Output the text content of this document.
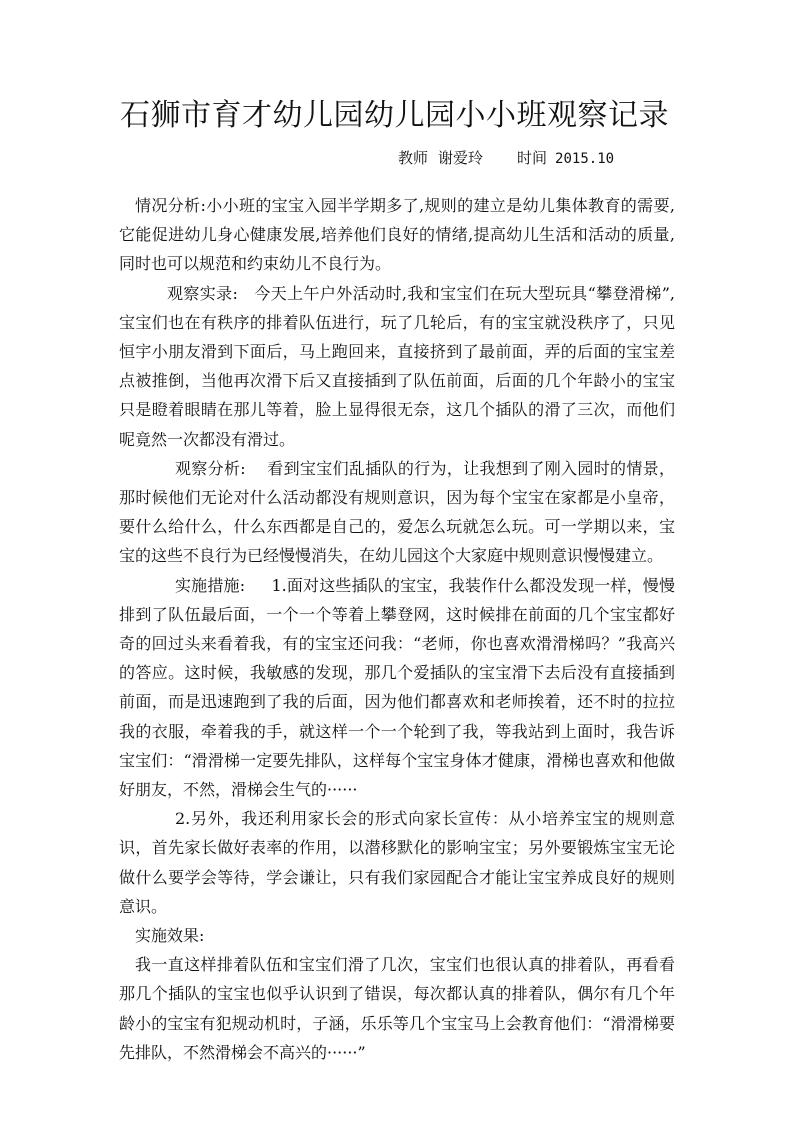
石狮市育才幼儿园幼儿园小小班观察记录
教师 谢爱玲 时间 2015.10

情况分析:小小班的宝宝入园半学期多了,规则的建立是幼儿集体教育的需要,它能促进幼儿身心健康发展,培养他们良好的情绪,提高幼儿生活和活动的质量,同时也可以规范和约束幼儿不良行为。

观察实录: 今天上午户外活动时,我和宝宝们在玩大型玩具“攀登滑梯”,宝宝们也在有秩序的排着队伍进行，玩了几轮后，有的宝宝就没秩序了，只见恒宇小朋友滑到下面后，马上跑回来，直接挤到了最前面，弄的后面的宝宝差点被推倒，当他再次滑下后又直接插到了队伍前面，后面的几个年龄小的宝宝只是瞪着眼睛在那儿等着，脸上显得很无奈，这几个插队的滑了三次，而他们呢竟然一次都没有滑过。

观察分析: 看到宝宝们乱插队的行为，让我想到了刚入园时的情景，那时候他们无论对什么活动都没有规则意识，因为每个宝宝在家都是小皇帝，要什么给什么，什么东西都是自己的，爱怎么玩就怎么玩。可一学期以来，宝宝的这些不良行为已经慢慢消失，在幼儿园这个大家庭中规则意识慢慢建立。

实施措施: 1.面对这些插队的宝宝，我装作什么都没发现一样，慢慢排到了队伍最后面，一个一个等着上攀登网，这时候排在前面的几个宝宝都好奇的回过头来看着我，有的宝宝还问我：“老师，你也喜欢滑滑梯吗？”我高兴的答应。这时候，我敏感的发现，那几个爱插队的宝宝滑下去后没有直接插到前面，而是迅速跑到了我的后面，因为他们都喜欢和老师挨着，还不时的拉拉我的衣服，牵着我的手，就这样一个一个轮到了我，等我站到上面时，我告诉宝宝们：“滑滑梯一定要先排队，这样每个宝宝身体才健康，滑梯也喜欢和他做好朋友，不然，滑梯会生气的······

2.另外，我还利用家长会的形式向家长宣传：从小培养宝宝的规则意识，首先家长做好表率的作用，以潜移默化的影响宝宝；另外要锻炼宝宝无论做什么要学会等待，学会谦让，只有我们家园配合才能让宝宝养成良好的规则意识。

实施效果:

我一直这样排着队伍和宝宝们滑了几次，宝宝们也很认真的排着队，再看看那几个插队的宝宝也似乎认识到了错误，每次都认真的排着队，偶尔有几个年龄小的宝宝有犯规动机时，子涵，乐乐等几个宝宝马上会教育他们：“滑滑梯要先排队，不然滑梯会不高兴的······”
